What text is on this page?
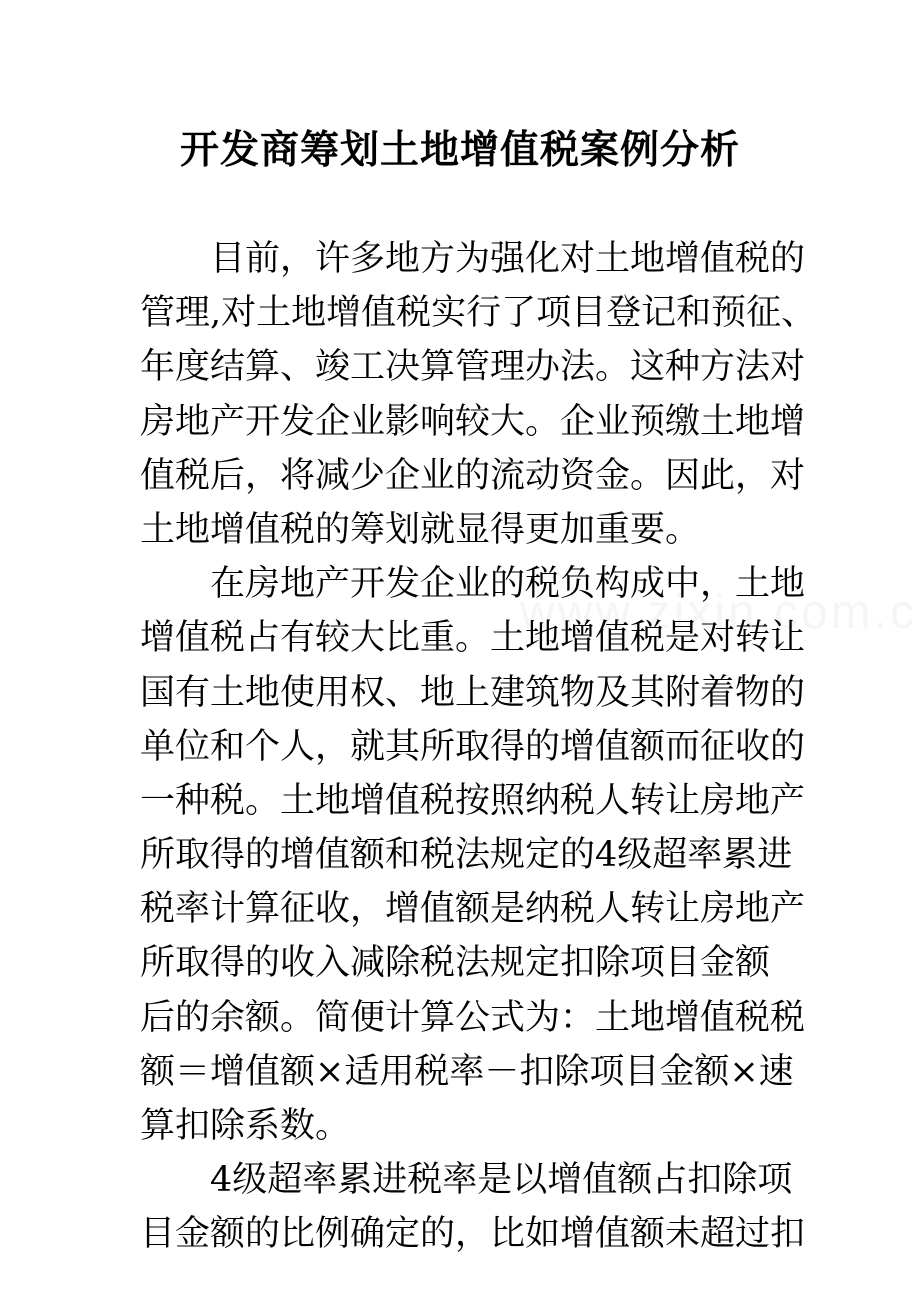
开发商筹划土地增值税案例分析
目前，许多地方为强化对土地增值税的
管理,对土地增值税实行了项目登记和预征、
年度结算、竣工决算管理办法。这种方法对
房地产开发企业影响较大。企业预缴土地增
值税后，将减少企业的流动资金。因此，对
土地增值税的筹划就显得更加重要。
在房地产开发企业的税负构成中，土地
增值税占有较大比重。土地增值税是对转让
国有土地使用权、地上建筑物及其附着物的
单位和个人，就其所取得的增值额而征收的
一种税。土地增值税按照纳税人转让房地产
所取得的增值额和税法规定的4级超率累进
税率计算征收，增值额是纳税人转让房地产
所取得的收入减除税法规定扣除项目金额
后的余额。简便计算公式为：土地增值税税
额＝增值额×适用税率－扣除项目金额×速
算扣除系数。
4级超率累进税率是以增值额占扣除项
目金额的比例确定的，比如增值额未超过扣
